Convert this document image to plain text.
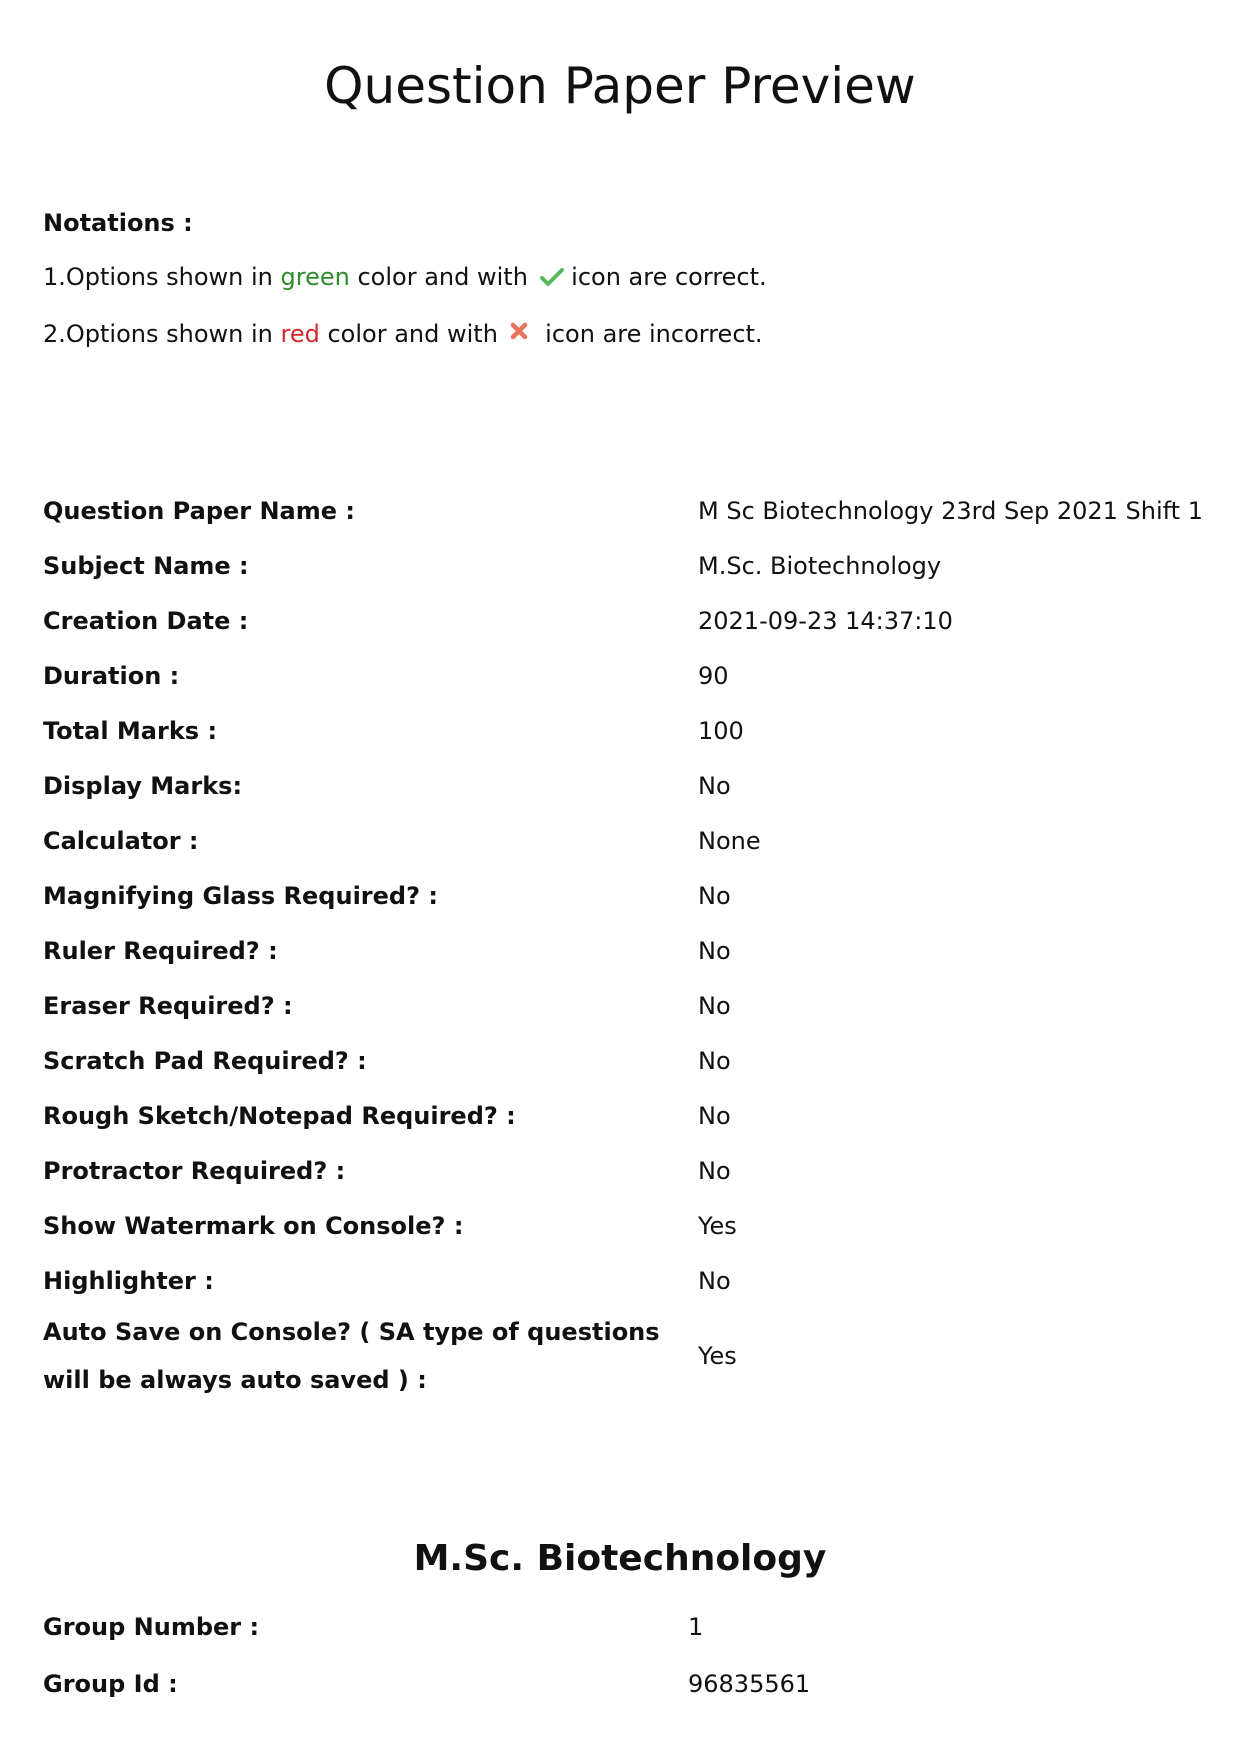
Question Paper Preview
Notations :
1.Options shown in green color and with  icon are correct.
2.Options shown in red color and with  icon are incorrect.
Question Paper Name :	M Sc Biotechnology 23rd Sep 2021 Shift 1
Subject Name :	M.Sc. Biotechnology
Creation Date :	2021-09-23 14:37:10
Duration :	90
Total Marks :	100
Display Marks:	No
Calculator :	None
Magnifying Glass Required? :	No
Ruler Required? :	No
Eraser Required? :	No
Scratch Pad Required? :	No
Rough Sketch/Notepad Required? :	No
Protractor Required? :	No
Show Watermark on Console? :	Yes
Highlighter :	No
Auto Save on Console? ( SA type of questions will be always auto saved ) :	Yes
M.Sc. Biotechnology
Group Number :	1
Group Id :	96835561
